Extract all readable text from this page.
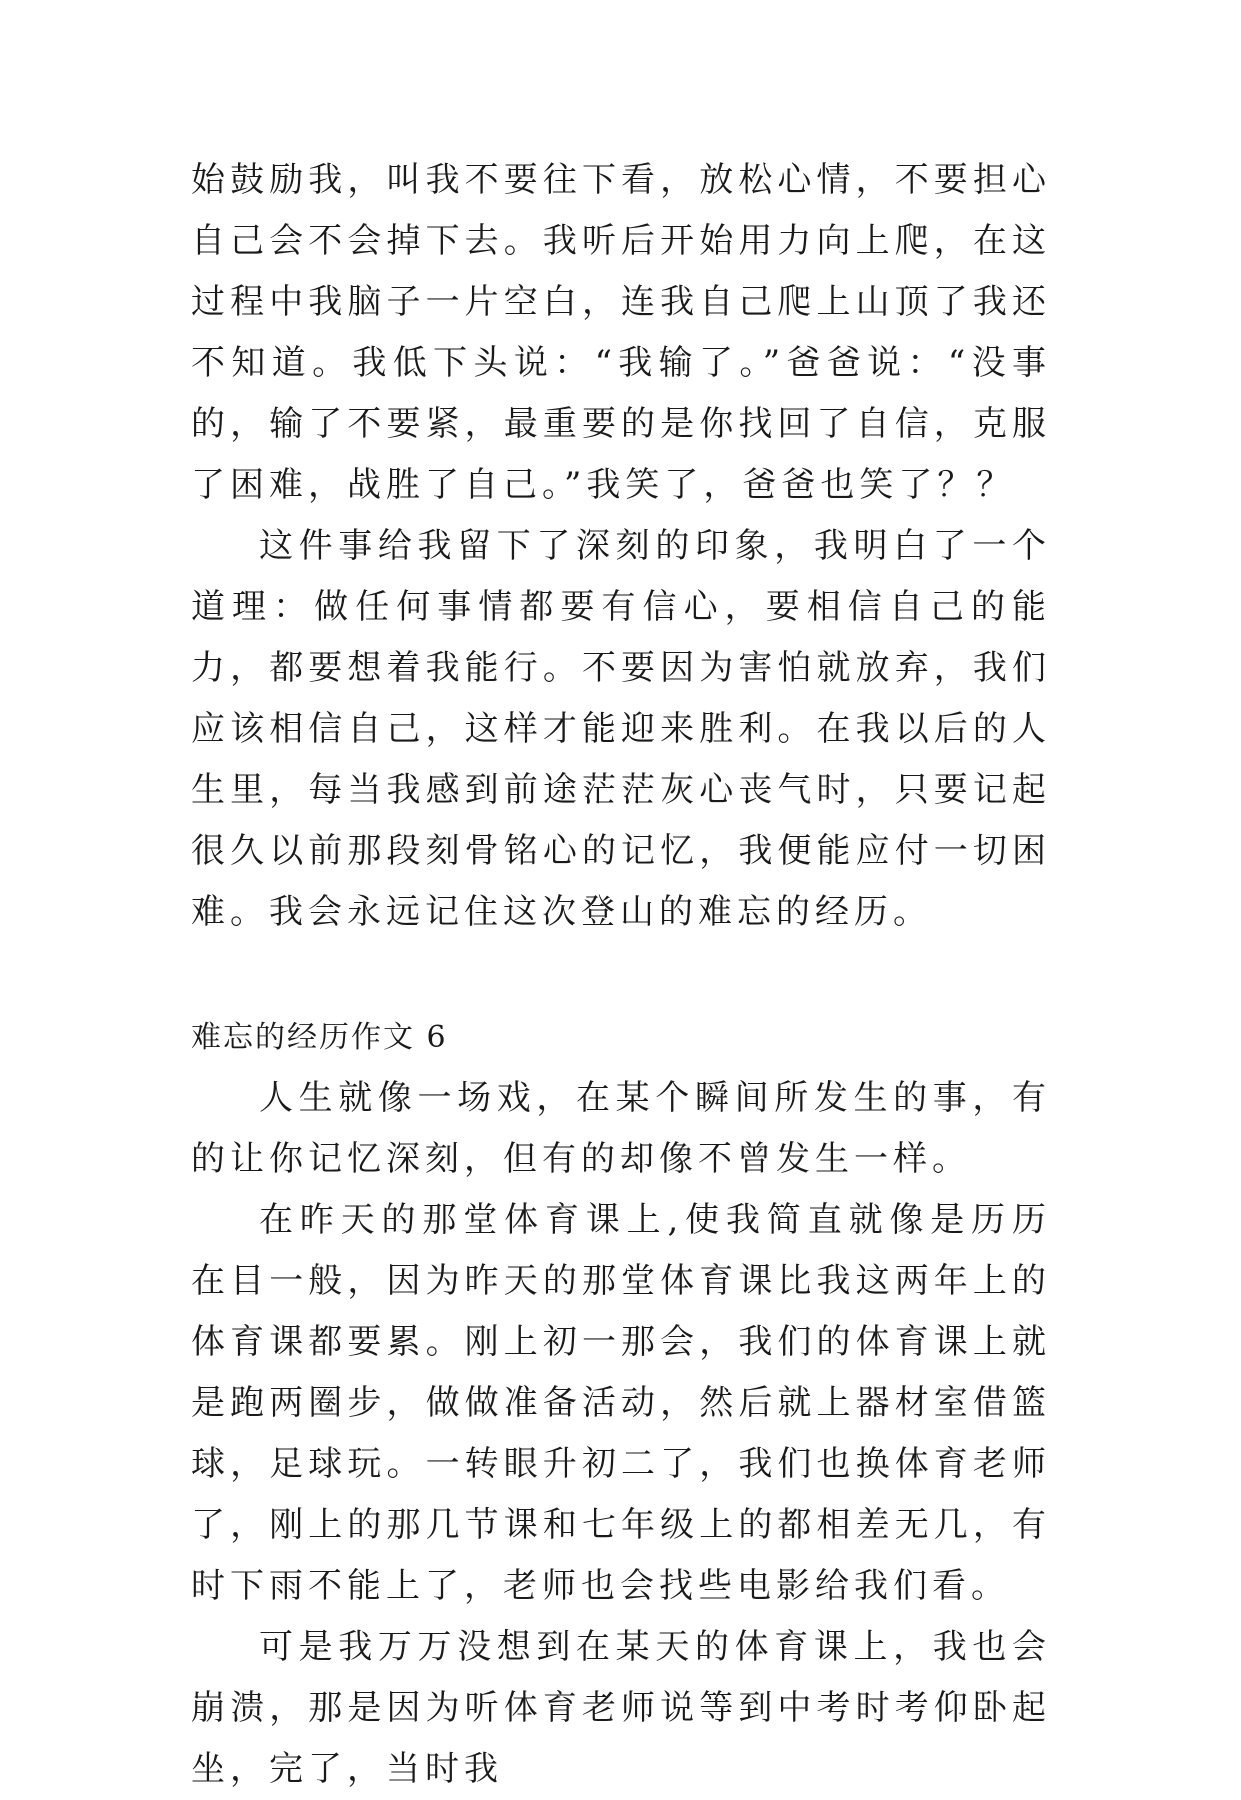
始鼓励我，叫我不要往下看，放松心情，不要担心自己会不会掉下去。我听后开始用力向上爬，在这过程中我脑子一片空白，连我自己爬上山顶了我还不知道。我低下头说：“我输了。”爸爸说：“没事的，输了不要紧，最重要的是你找回了自信，克服了困难，战胜了自己。”我笑了，爸爸也笑了？？

这件事给我留下了深刻的印象，我明白了一个道理：做任何事情都要有信心，要相信自己的能力，都要想着我能行。不要因为害怕就放弃，我们应该相信自己，这样才能迎来胜利。在我以后的人生里，每当我感到前途茫茫灰心丧气时，只要记起很久以前那段刻骨铭心的记忆，我便能应付一切困难。我会永远记住这次登山的难忘的经历。

难忘的经历作文 6

人生就像一场戏，在某个瞬间所发生的事，有的让你记忆深刻，但有的却像不曾发生一样。

在昨天的那堂体育课上,使我简直就像是历历在目一般，因为昨天的那堂体育课比我这两年上的体育课都要累。刚上初一那会，我们的体育课上就是跑两圈步，做做准备活动，然后就上器材室借篮球，足球玩。一转眼升初二了，我们也换体育老师了，刚上的那几节课和七年级上的都相差无几，有时下雨不能上了，老师也会找些电影给我们看。

可是我万万没想到在某天的体育课上，我也会崩溃，那是因为听体育老师说等到中考时考仰卧起坐，完了，当时我
